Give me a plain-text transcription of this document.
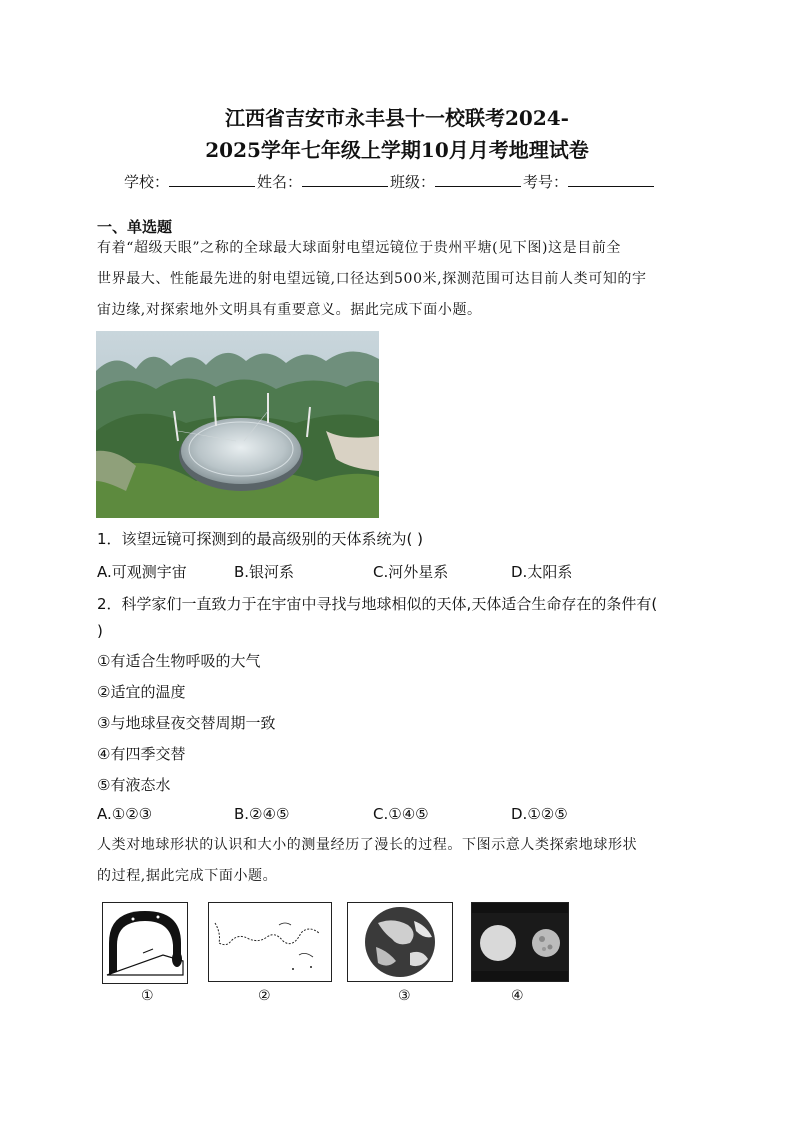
江西省吉安市永丰县十一校联考2024-
2025学年七年级上学期10月月考地理试卷
学校：	姓名：	班级：	考号：
一、单选题
有着“超级天眼”之称的全球最大球面射电望远镜位于贵州平塘(见下图)这是目前全
世界最大、性能最先进的射电望远镜,口径达到500米,探测范围可达目前人类可知的宇
宙边缘,对探索地外文明具有重要意义。据此完成下面小题。
1．该望远镜可探测到的最高级别的天体系统为( )
A.可观测宇宙	B.银河系	C.河外星系	D.太阳系
2．科学家们一直致力于在宇宙中寻找与地球相似的天体,天体适合生命存在的条件有(
)
①有适合生物呼吸的大气
②适宜的温度
③与地球昼夜交替周期一致
④有四季交替
⑤有液态水
A.①②③	B.②④⑤	C.①④⑤	D.①②⑤
人类对地球形状的认识和大小的测量经历了漫长的过程。下图示意人类探索地球形状
的过程,据此完成下面小题。
①	②	③	④
